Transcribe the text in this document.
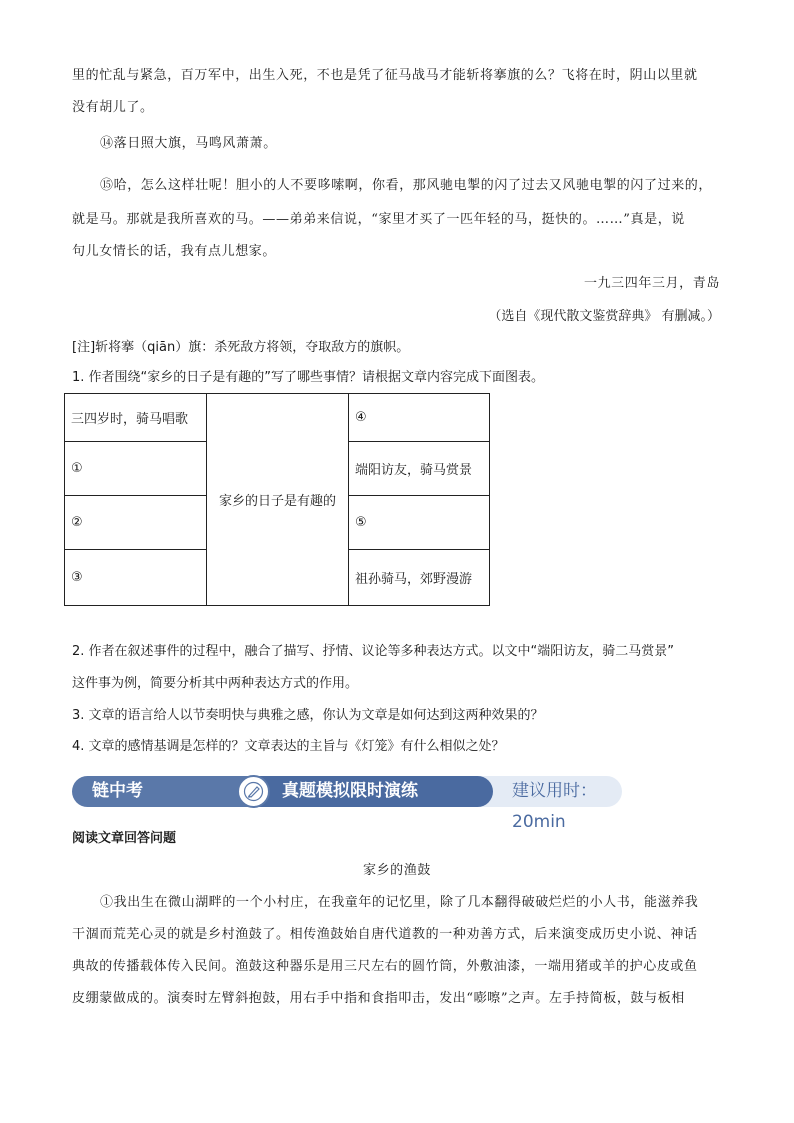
里的忙乱与紧急，百万军中，出生入死，不也是凭了征马战马才能斩将搴旗的么？飞将在时，阴山以里就
没有胡儿了。
⑭落日照大旗，马鸣风萧萧。
⑮哈，怎么这样壮呢！胆小的人不要哆嗦啊，你看，那风驰电掣的闪了过去又风驰电掣的闪了过来的，
就是马。那就是我所喜欢的马。——弟弟来信说，“家里才买了一匹年轻的马，挺快的。……”真是，说
句儿女情长的话，我有点儿想家。
一九三四年三月，青岛
（选自《现代散文鉴赏辞典》 有删减。）
[注]斩将搴（qiān）旗：杀死敌方将领，夺取敌方的旗帜。
1. 作者围绕“家乡的日子是有趣的”写了哪些事情？请根据文章内容完成下面图表。
三四岁时，骑马唱歌	家乡的日子是有趣的	④
①		端阳访友，骑马赏景
②		⑤
③		祖孙骑马，郊野漫游
2. 作者在叙述事件的过程中，融合了描写、抒情、议论等多种表达方式。以文中“端阳访友，骑二马赏景”
这件事为例，简要分析其中两种表达方式的作用。
3. 文章的语言给人以节奏明快与典雅之感，你认为文章是如何达到这两种效果的？
4. 文章的感情基调是怎样的？文章表达的主旨与《灯笼》有什么相似之处？
链中考	真题模拟限时演练	建议用时：20min
阅读文章回答问题
家乡的渔鼓
①我出生在微山湖畔的一个小村庄，在我童年的记忆里，除了几本翻得破破烂烂的小人书，能滋养我
干涸而荒芜心灵的就是乡村渔鼓了。相传渔鼓始自唐代道教的一种劝善方式，后来演变成历史小说、神话
典故的传播载体传入民间。渔鼓这种器乐是用三尺左右的圆竹筒，外敷油漆，一端用猪或羊的护心皮或鱼
皮绷蒙做成的。演奏时左臂斜抱鼓，用右手中指和食指叩击，发出“嘭嚓”之声。左手持简板，鼓与板相
